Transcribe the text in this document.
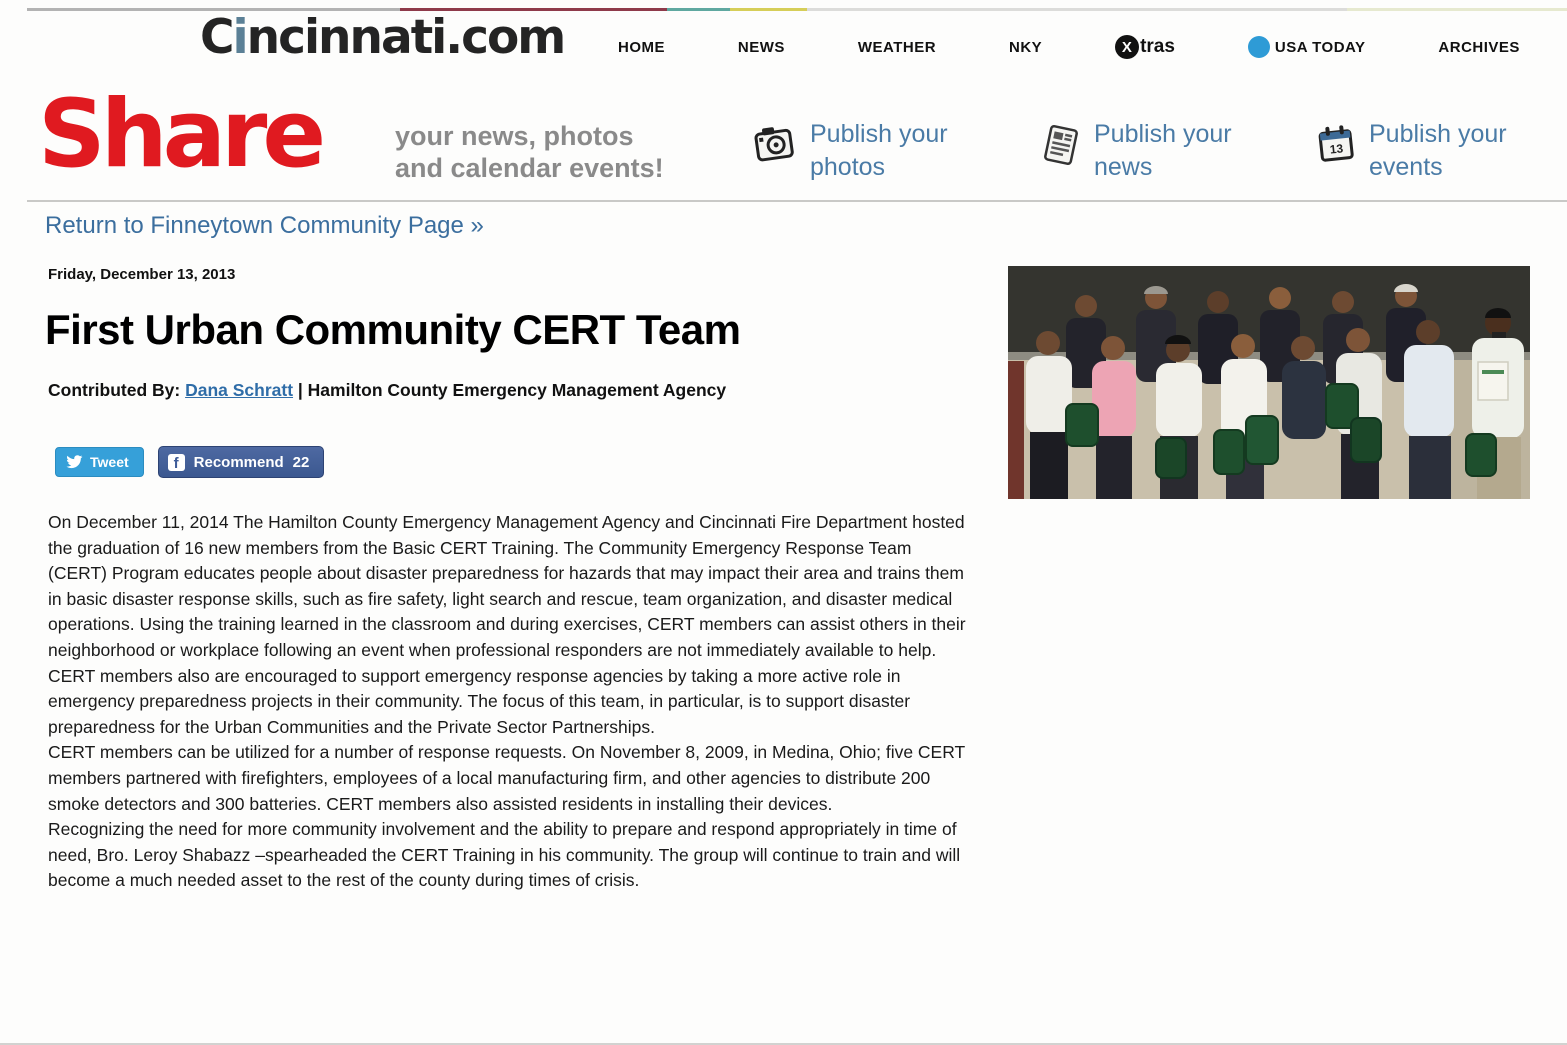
Cincinnati.com	HOME	NEWS	WEATHER	NKY	X tras	USA TODAY	ARCHIVES
Share	your news, photos
and calendar events!
Publish your
photos
Publish your
news
13
Publish your
events
Return to Finneytown Community Page »
Friday, December 13, 2013
First Urban Community CERT Team
Contributed By: Dana Schratt | Hamilton County Emergency Management Agency
Tweet	f	Recommend 22

On December 11, 2014 The Hamilton County Emergency Management Agency and Cincinnati Fire Department hosted the graduation of 16 new members from the Basic CERT Training. The Community Emergency Response Team (CERT) Program educates people about disaster preparedness for hazards that may impact their area and trains them in basic disaster response skills, such as fire safety, light search and rescue, team organization, and disaster medical operations. Using the training learned in the classroom and during exercises, CERT members can assist others in their neighborhood or workplace following an event when professional responders are not immediately available to help.

CERT members also are encouraged to support emergency response agencies by taking a more active role in emergency preparedness projects in their community. The focus of this team, in particular, is to support disaster preparedness for the Urban Communities and the Private Sector Partnerships.

CERT members can be utilized for a number of response requests. On November 8, 2009, in Medina, Ohio; five CERT members partnered with firefighters, employees of a local manufacturing firm, and other agencies to distribute 200 smoke detectors and 300 batteries. CERT members also assisted residents in installing their devices.

Recognizing the need for more community involvement and the ability to prepare and respond appropriately in time of need, Bro. Leroy Shabazz –spearheaded the CERT Training in his community. The group will continue to train and will become a much needed asset to the rest of the county during times of crisis.
